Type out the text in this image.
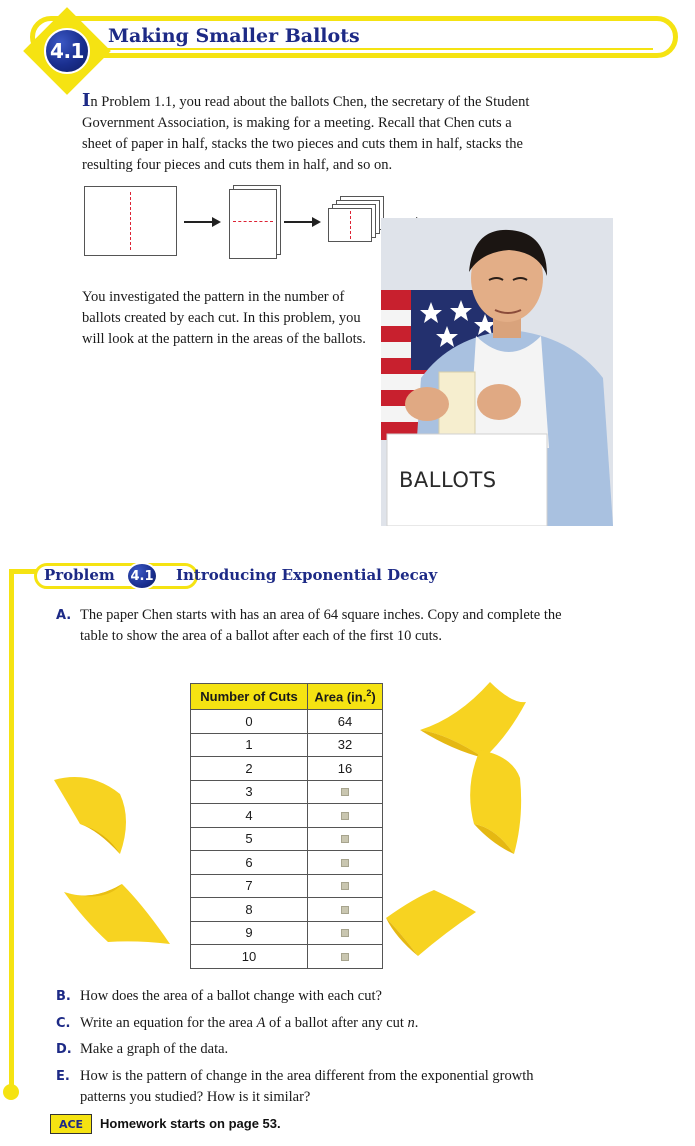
4.1
Making Smaller Ballots

In Problem 1.1, you read about the ballots Chen, the secretary of the Student Government Association, is making for a meeting. Recall that Chen cuts a sheet of paper in half, stacks the two pieces and cuts them in half, stacks the resulting four pieces and cuts them in half, and so on.

You investigated the pattern in the number of ballots created by each cut. In this problem, you will look at the pattern in the areas of the ballots.

BALLOTS
Problem	4.1 Introducing Exponential Decay
A. The paper Chen starts with has an area of 64 square inches. Copy and complete the table to show the area of a ballot after each of the first 10 cuts.
Number of Cuts	Area (in.$^2$)
0	64
1	32
2	16
3	
4	
5	
6	
7	
8	
9	
10	
B. How does the area of a ballot change with each cut?
C. Write an equation for the area A of a ballot after any cut n.
D. Make a graph of the data.
E. How is the pattern of change in the area different from the exponential growth patterns you studied? How is it similar?
ACE	Homework starts on page 53.
